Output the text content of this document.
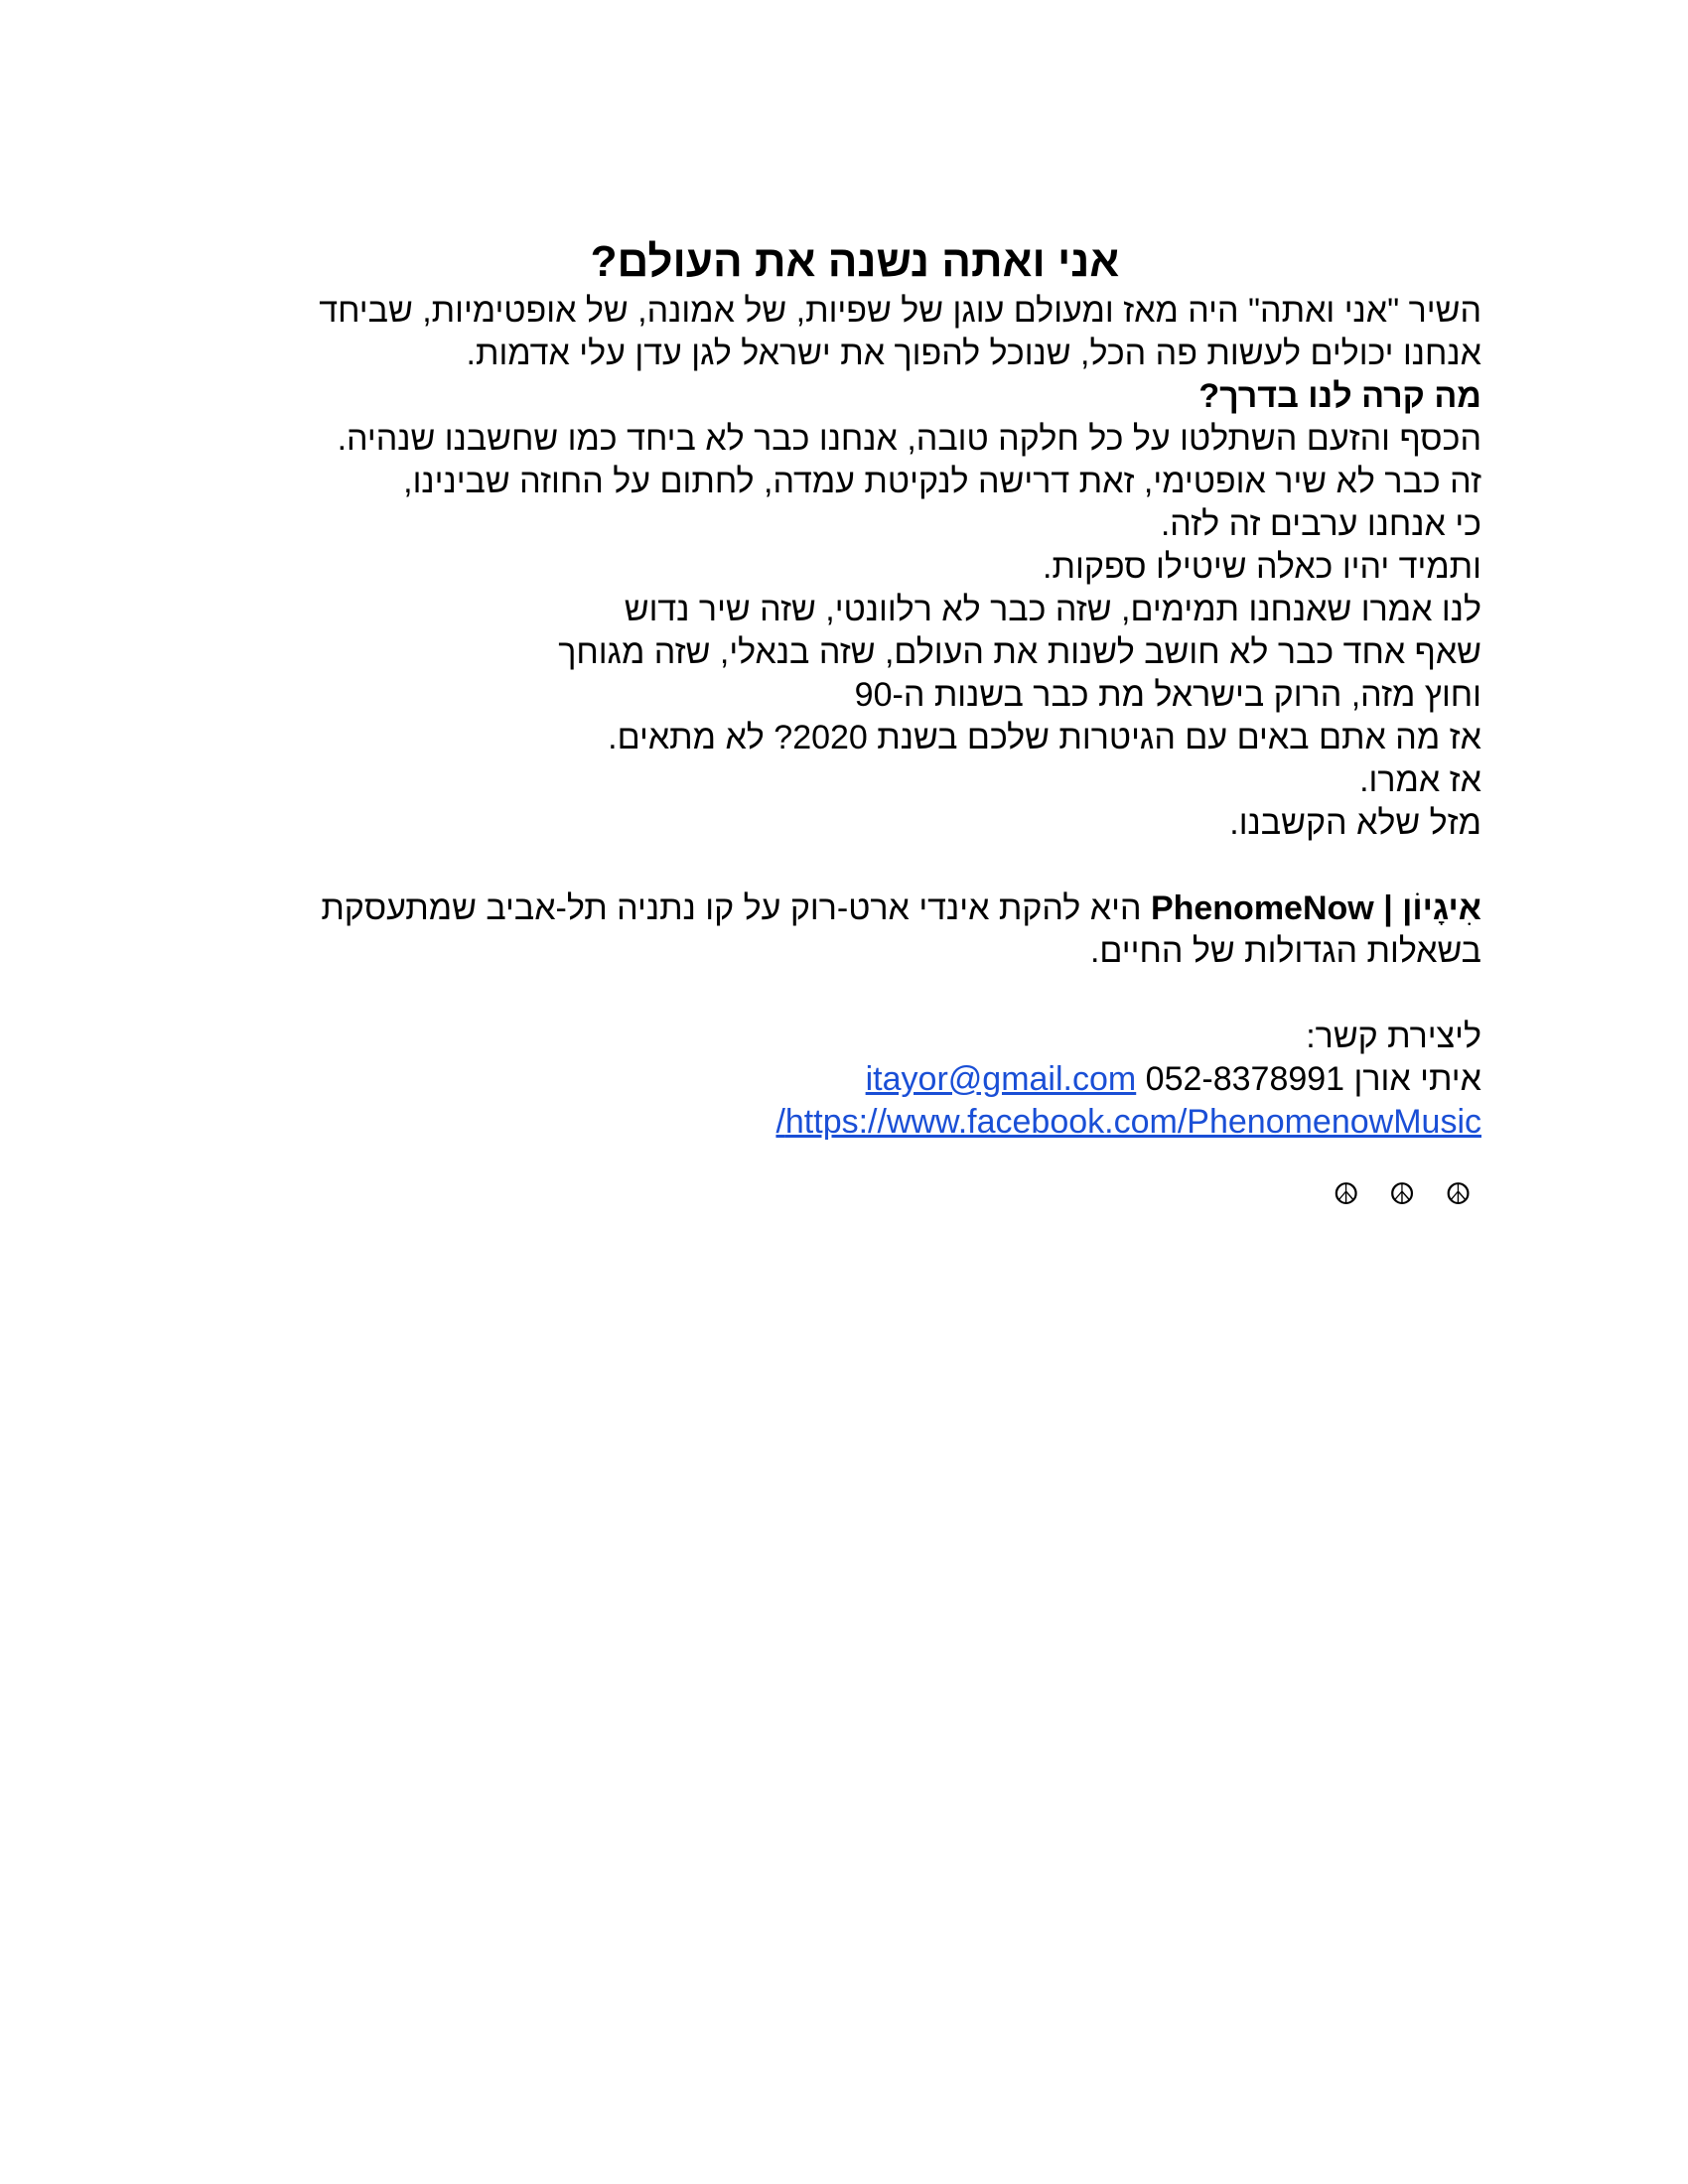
אני ואתה נשנה את העולם?
השיר "אני ואתה" היה מאז ומעולם עוגן של שפיות, של אמונה, של אופטימיות, שביחד
אנחנו יכולים לעשות פה הכל, שנוכל להפוך את ישראל לגן עדן עלי אדמות.
מה קרה לנו בדרך?
הכסף והזעם השתלטו על כל חלקה טובה, אנחנו כבר לא ביחד כמו שחשבנו שנהיה.
זה כבר לא שיר אופטימי, זאת דרישה לנקיטת עמדה, לחתום על החוזה שבינינו,
כי אנחנו ערבים זה לזה.
ותמיד יהיו כאלה שיטילו ספקות.
לנו אמרו שאנחנו תמימים, שזה כבר לא רלוונטי, שזה שיר נדוש
שאף אחד כבר לא חושב לשנות את העולם, שזה בנאלי, שזה מגוחך
וחוץ מזה, הרוק בישראל מת כבר בשנות ה-90
אז מה אתם באים עם הגיטרות שלכם בשנת 2020? לא מתאים.
אז אמרו.
מזל שלא הקשבנו.
אִיגָיוֹן | PhenomeNow היא להקת אינדי ארט-רוק על קו נתניה תל-אביב שמתעסקת
בשאלות הגדולות של החיים.
ליצירת קשר:
איתי אורן 052-8378991 itayor@gmail.com
https://www.facebook.com/PhenomenowMusic/
☮ ☮ ☮
